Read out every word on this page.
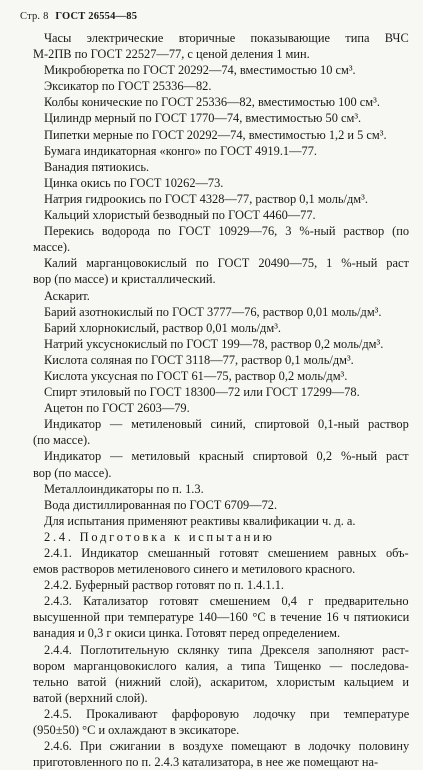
Стр. 8 ГОСТ 26554—85
Часы электрические вторичные показывающие типа ВЧС
М-2ПВ по ГОСТ 22527—77, с ценой деления 1 мин.
Микробюретка по ГОСТ 20292—74, вместимостью 10 см³.
Эксикатор по ГОСТ 25336—82.
Колбы конические по ГОСТ 25336—82, вместимостью 100 см³.
Цилиндр мерный по ГОСТ 1770—74, вместимостью 50 см³.
Пипетки мерные по ГОСТ 20292—74, вместимостью 1,2 и 5 см³.
Бумага индикаторная «конго» по ГОСТ 4919.1—77.
Ванадия пятиокись.
Цинка окись по ГОСТ 10262—73.
Натрия гидроокись по ГОСТ 4328—77, раствор 0,1 моль/дм³.
Кальций хлористый безводный по ГОСТ 4460—77.
Перекись водорода по ГОСТ 10929—76, 3 %-ный раствор (по
массе).
Калий марганцовокислый по ГОСТ 20490—75, 1 %-ный раст
вор (по массе) и кристаллический.
Аскарит.
Барий азотнокислый по ГОСТ 3777—76, раствор 0,01 моль/дм³.
Барий хлорнокислый, раствор 0,01 моль/дм³.
Натрий уксуснокислый по ГОСТ 199—78, раствор 0,2 моль/дм³.
Кислота соляная по ГОСТ 3118—77, раствор 0,1 моль/дм³.
Кислота уксусная по ГОСТ 61—75, раствор 0,2 моль/дм³.
Спирт этиловый по ГОСТ 18300—72 или ГОСТ 17299—78.
Ацетон по ГОСТ 2603—79.
Индикатор — метиленовый синий, спиртовой 0,1-ный раствор
(по массе).
Индикатор — метиловый красный спиртовой 0,2 %-ный раст
вор (по массе).
Металлоиндикаторы по п. 1.3.
Вода дистиллированная по ГОСТ 6709—72.
Для испытания применяют реактивы квалификации ч. д. а.
2.4. Подготовка к испытанию
2.4.1. Индикатор смешанный готовят смешением равных объ-
емов растворов метиленового синего и метилового красного.
2.4.2. Буферный раствор готовят по п. 1.4.1.1.
2.4.3. Катализатор готовят смешением 0,4 г предварительно
высушенной при температуре 140—160 °С в течение 16 ч пятиокиси
ванадия и 0,3 г окиси цинка. Готовят перед определением.
2.4.4. Поглотительную склянку типа Дрекселя заполняют раст-
вором марганцовокислого калия, а типа Тищенко — последова-
тельно ватой (нижний слой), аскаритом, хлористым кальцием и
ватой (верхний слой).
2.4.5. Прокаливают фарфоровую лодочку при температуре
(950±50) °С и охлаждают в эксикаторе.
2.4.6. При сжигании в воздухе помещают в лодочку половину
приготовленного по п. 2.4.3 катализатора, в нее же помещают на-
